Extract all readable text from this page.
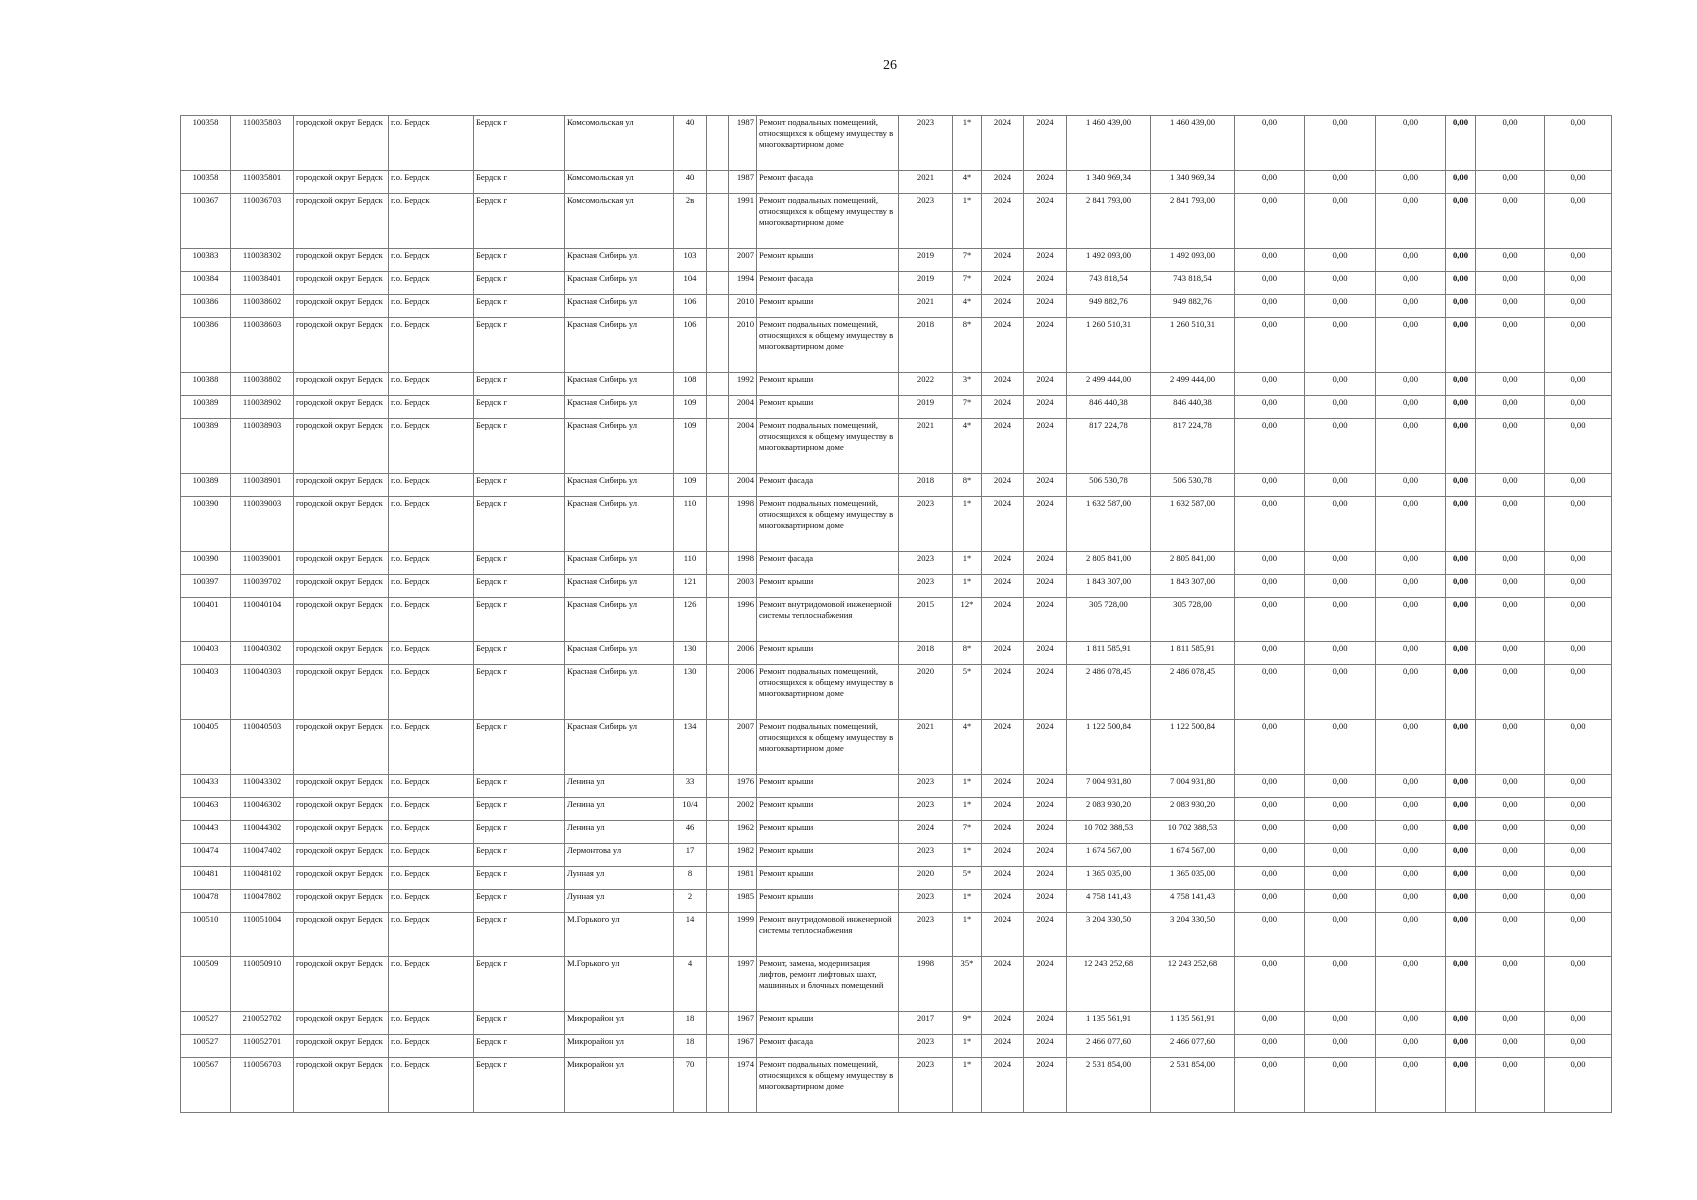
26
100358	110035803	городской округ Бердск	г.о. Бердск	Бердск г	Комсомольская ул	40		1987	Ремонт подвальных помещений, относящихся к общему имуществу в многоквартирном доме	2023	1*	2024	2024	1 460 439,00	1 460 439,00	0,00	0,00	0,00	0,00	0,00	0,00
100358	110035801	городской округ Бердск	г.о. Бердск	Бердск г	Комсомольская ул	40		1987	Ремонт фасада	2021	4*	2024	2024	1 340 969,34	1 340 969,34	0,00	0,00	0,00	0,00	0,00	0,00
100367	110036703	городской округ Бердск	г.о. Бердск	Бердск г	Комсомольская ул	2в		1991	Ремонт подвальных помещений, относящихся к общему имуществу в многоквартирном доме	2023	1*	2024	2024	2 841 793,00	2 841 793,00	0,00	0,00	0,00	0,00	0,00	0,00
100383	110038302	городской округ Бердск	г.о. Бердск	Бердск г	Красная Сибирь ул	103		2007	Ремонт крыши	2019	7*	2024	2024	1 492 093,00	1 492 093,00	0,00	0,00	0,00	0,00	0,00	0,00
100384	110038401	городской округ Бердск	г.о. Бердск	Бердск г	Красная Сибирь ул	104		1994	Ремонт фасада	2019	7*	2024	2024	743 818,54	743 818,54	0,00	0,00	0,00	0,00	0,00	0,00
100386	110038602	городской округ Бердск	г.о. Бердск	Бердск г	Красная Сибирь ул	106		2010	Ремонт крыши	2021	4*	2024	2024	949 882,76	949 882,76	0,00	0,00	0,00	0,00	0,00	0,00
100386	110038603	городской округ Бердск	г.о. Бердск	Бердск г	Красная Сибирь ул	106		2010	Ремонт подвальных помещений, относящихся к общему имуществу в многоквартирном доме	2018	8*	2024	2024	1 260 510,31	1 260 510,31	0,00	0,00	0,00	0,00	0,00	0,00
100388	110038802	городской округ Бердск	г.о. Бердск	Бердск г	Красная Сибирь ул	108		1992	Ремонт крыши	2022	3*	2024	2024	2 499 444,00	2 499 444,00	0,00	0,00	0,00	0,00	0,00	0,00
100389	110038902	городской округ Бердск	г.о. Бердск	Бердск г	Красная Сибирь ул	109		2004	Ремонт крыши	2019	7*	2024	2024	846 440,38	846 440,38	0,00	0,00	0,00	0,00	0,00	0,00
100389	110038903	городской округ Бердск	г.о. Бердск	Бердск г	Красная Сибирь ул	109		2004	Ремонт подвальных помещений, относящихся к общему имуществу в многоквартирном доме	2021	4*	2024	2024	817 224,78	817 224,78	0,00	0,00	0,00	0,00	0,00	0,00
100389	110038901	городской округ Бердск	г.о. Бердск	Бердск г	Красная Сибирь ул	109		2004	Ремонт фасада	2018	8*	2024	2024	506 530,78	506 530,78	0,00	0,00	0,00	0,00	0,00	0,00
100390	110039003	городской округ Бердск	г.о. Бердск	Бердск г	Красная Сибирь ул	110		1998	Ремонт подвальных помещений, относящихся к общему имуществу в многоквартирном доме	2023	1*	2024	2024	1 632 587,00	1 632 587,00	0,00	0,00	0,00	0,00	0,00	0,00
100390	110039001	городской округ Бердск	г.о. Бердск	Бердск г	Красная Сибирь ул	110		1998	Ремонт фасада	2023	1*	2024	2024	2 805 841,00	2 805 841,00	0,00	0,00	0,00	0,00	0,00	0,00
100397	110039702	городской округ Бердск	г.о. Бердск	Бердск г	Красная Сибирь ул	121		2003	Ремонт крыши	2023	1*	2024	2024	1 843 307,00	1 843 307,00	0,00	0,00	0,00	0,00	0,00	0,00
100401	110040104	городской округ Бердск	г.о. Бердск	Бердск г	Красная Сибирь ул	126		1996	Ремонт внутридомовой инженерной системы теплоснабжения	2015	12*	2024	2024	305 728,00	305 728,00	0,00	0,00	0,00	0,00	0,00	0,00
100403	110040302	городской округ Бердск	г.о. Бердск	Бердск г	Красная Сибирь ул	130		2006	Ремонт крыши	2018	8*	2024	2024	1 811 585,91	1 811 585,91	0,00	0,00	0,00	0,00	0,00	0,00
100403	110040303	городской округ Бердск	г.о. Бердск	Бердск г	Красная Сибирь ул	130		2006	Ремонт подвальных помещений, относящихся к общему имуществу в многоквартирном доме	2020	5*	2024	2024	2 486 078,45	2 486 078,45	0,00	0,00	0,00	0,00	0,00	0,00
100405	110040503	городской округ Бердск	г.о. Бердск	Бердск г	Красная Сибирь ул	134		2007	Ремонт подвальных помещений, относящихся к общему имуществу в многоквартирном доме	2021	4*	2024	2024	1 122 500,84	1 122 500,84	0,00	0,00	0,00	0,00	0,00	0,00
100433	110043302	городской округ Бердск	г.о. Бердск	Бердск г	Ленина ул	33		1976	Ремонт крыши	2023	1*	2024	2024	7 004 931,80	7 004 931,80	0,00	0,00	0,00	0,00	0,00	0,00
100463	110046302	городской округ Бердск	г.о. Бердск	Бердск г	Ленина ул	10/4		2002	Ремонт крыши	2023	1*	2024	2024	2 083 930,20	2 083 930,20	0,00	0,00	0,00	0,00	0,00	0,00
100443	110044302	городской округ Бердск	г.о. Бердск	Бердск г	Ленина ул	46		1962	Ремонт крыши	2024	7*	2024	2024	10 702 388,53	10 702 388,53	0,00	0,00	0,00	0,00	0,00	0,00
100474	110047402	городской округ Бердск	г.о. Бердск	Бердск г	Лермонтова ул	17		1982	Ремонт крыши	2023	1*	2024	2024	1 674 567,00	1 674 567,00	0,00	0,00	0,00	0,00	0,00	0,00
100481	110048102	городской округ Бердск	г.о. Бердск	Бердск г	Лунная ул	8		1981	Ремонт крыши	2020	5*	2024	2024	1 365 035,00	1 365 035,00	0,00	0,00	0,00	0,00	0,00	0,00
100478	110047802	городской округ Бердск	г.о. Бердск	Бердск г	Лунная ул	2		1985	Ремонт крыши	2023	1*	2024	2024	4 758 141,43	4 758 141,43	0,00	0,00	0,00	0,00	0,00	0,00
100510	110051004	городской округ Бердск	г.о. Бердск	Бердск г	М.Горького ул	14		1999	Ремонт внутридомовой инженерной системы теплоснабжения	2023	1*	2024	2024	3 204 330,50	3 204 330,50	0,00	0,00	0,00	0,00	0,00	0,00
100509	110050910	городской округ Бердск	г.о. Бердск	Бердск г	М.Горького ул	4		1997	Ремонт, замена, модернизация лифтов, ремонт лифтовых шахт, машинных и блочных помещений	1998	35*	2024	2024	12 243 252,68	12 243 252,68	0,00	0,00	0,00	0,00	0,00	0,00
100527	210052702	городской округ Бердск	г.о. Бердск	Бердск г	Микрорайон ул	18		1967	Ремонт крыши	2017	9*	2024	2024	1 135 561,91	1 135 561,91	0,00	0,00	0,00	0,00	0,00	0,00
100527	110052701	городской округ Бердск	г.о. Бердск	Бердск г	Микрорайон ул	18		1967	Ремонт фасада	2023	1*	2024	2024	2 466 077,60	2 466 077,60	0,00	0,00	0,00	0,00	0,00	0,00
100567	110056703	городской округ Бердск	г.о. Бердск	Бердск г	Микрорайон ул	70		1974	Ремонт подвальных помещений, относящихся к общему имуществу в многоквартирном доме	2023	1*	2024	2024	2 531 854,00	2 531 854,00	0,00	0,00	0,00	0,00	0,00	0,00
